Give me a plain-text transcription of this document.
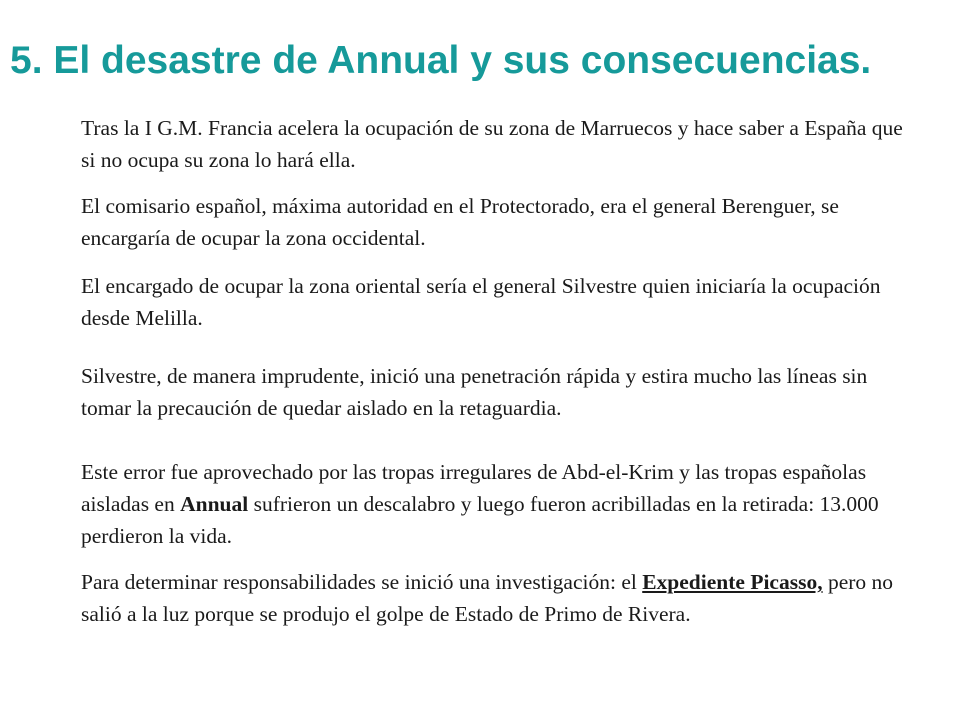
5. El desastre de Annual y sus consecuencias.

Tras la I G.M. Francia acelera la ocupación de su zona de Marruecos y hace saber a España que si no ocupa su zona lo hará ella.

El comisario español, máxima autoridad en el Protectorado, era el general Berenguer, se encargaría de ocupar la zona occidental.

El encargado de ocupar la zona oriental sería el general Silvestre quien iniciaría la ocupación desde Melilla.

Silvestre, de manera imprudente, inició una penetración rápida y estira mucho las líneas sin tomar la precaución de quedar aislado en la retaguardia.

Este error fue aprovechado por las tropas irregulares de Abd-el-Krim y las tropas españolas aisladas en Annual sufrieron un descalabro y luego fueron acribilladas en la retirada: 13.000 perdieron la vida.

Para determinar responsabilidades se inició una investigación: el Expediente Picasso, pero no salió a la luz porque se produjo el golpe de Estado de Primo de Rivera.
